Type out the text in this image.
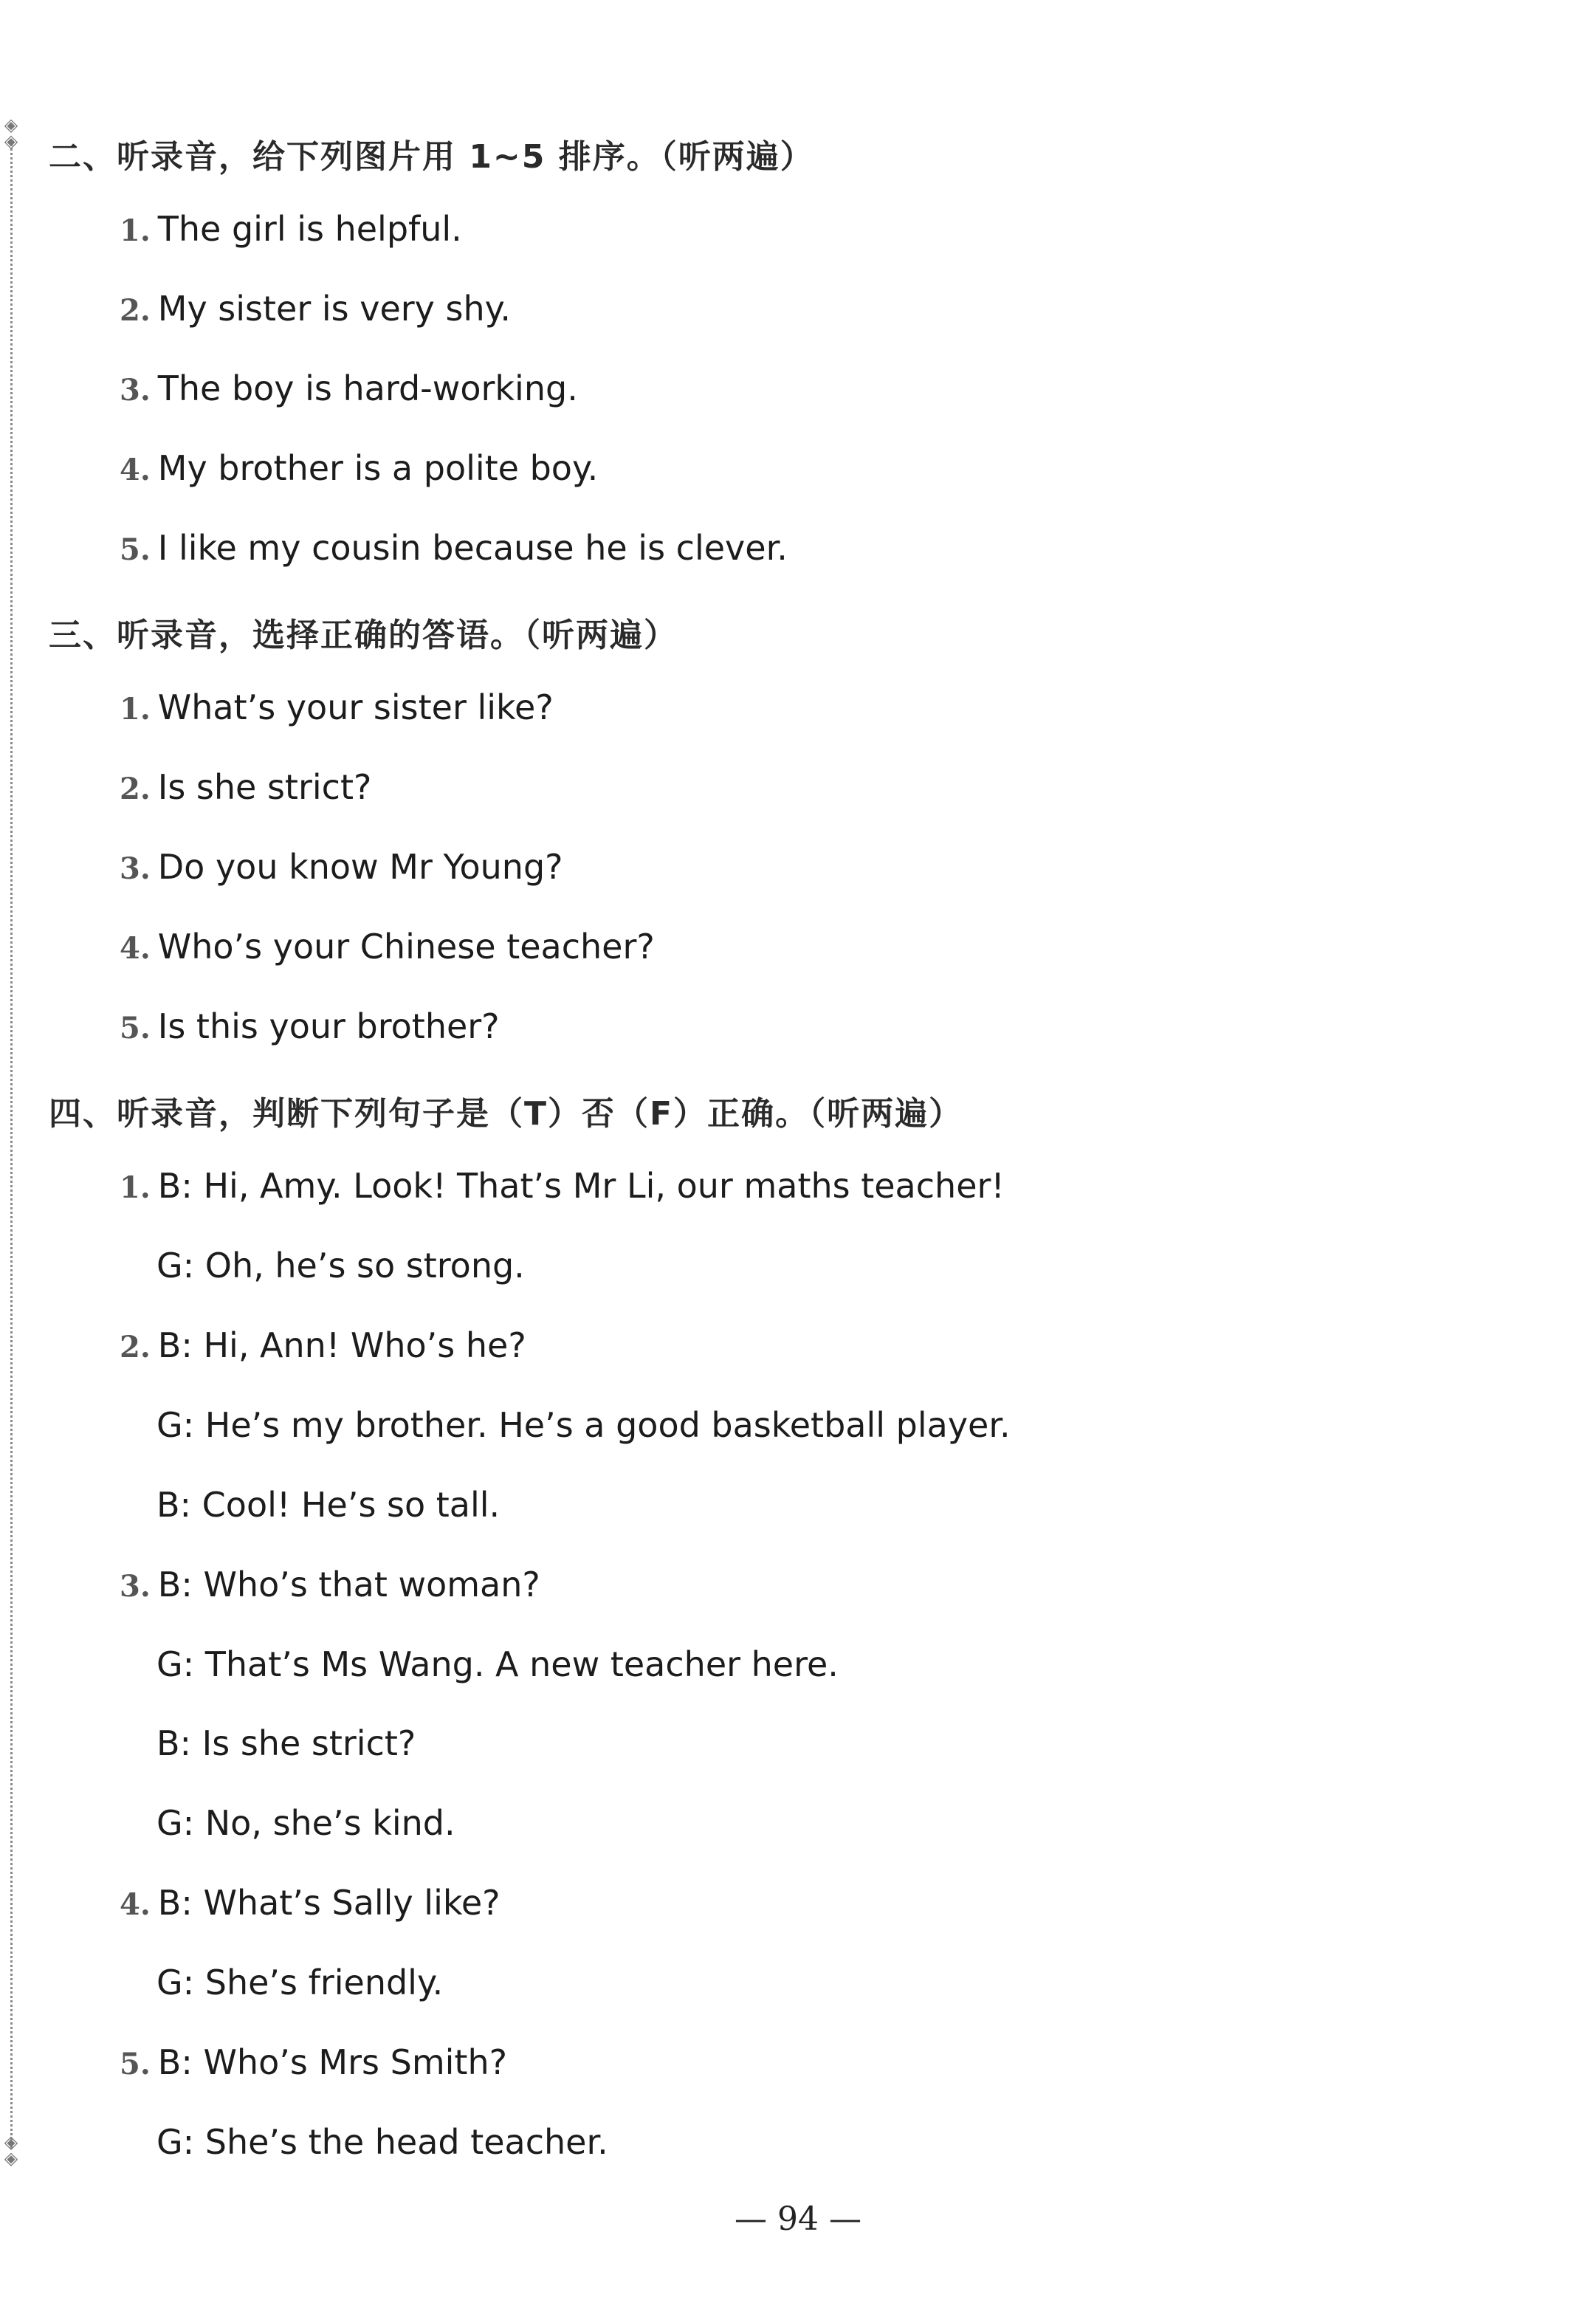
◈
◈
◈
◈
二、听录音，给下列图片用 1~5 排序。（听两遍）
1. The girl is helpful.
2. My sister is very shy.
3. The boy is hard-working.
4. My brother is a polite boy.
5. I like my cousin because he is clever.
三、听录音，选择正确的答语。（听两遍）
1. What’s your sister like?
2. Is she strict?
3. Do you know Mr Young?
4. Who’s your Chinese teacher?
5. Is this your brother?
四、听录音，判断下列句子是（T）否（F）正确。（听两遍）
1. B: Hi, Amy. Look! That’s Mr Li, our maths teacher!
G: Oh, he’s so strong.
2. B: Hi, Ann! Who’s he?
G: He’s my brother. He’s a good basketball player.
B: Cool! He’s so tall.
3. B: Who’s that woman?
G: That’s Ms Wang. A new teacher here.
B: Is she strict?
G: No, she’s kind.
4. B: What’s Sally like?
G: She’s friendly.
5. B: Who’s Mrs Smith?
G: She’s the head teacher.
— 94 —
